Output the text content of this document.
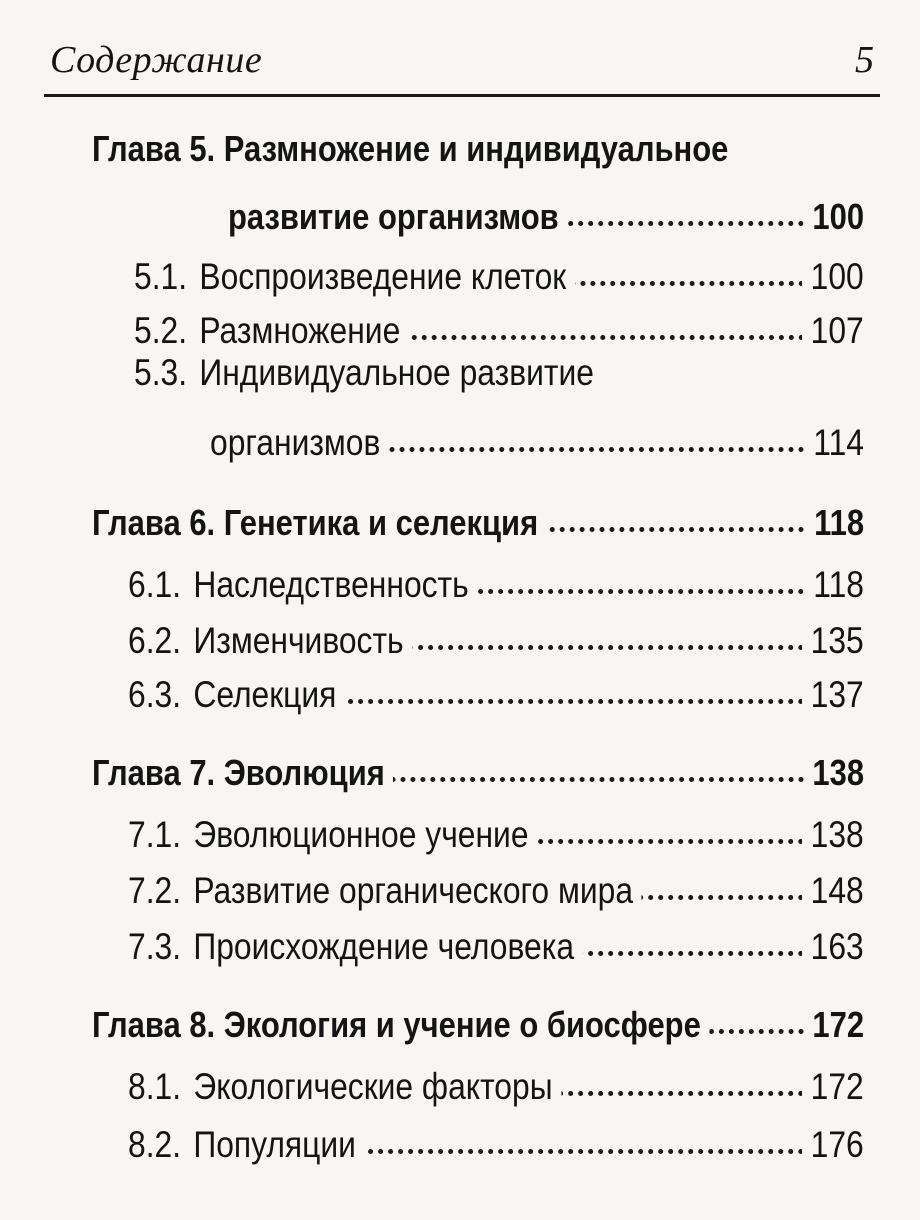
Содержание	5
Глава 5. Размножение и индивидуальное
развитие организмов	100
5.1. Воспроизведение клеток	100
5.2. Размножение	107
5.3. Индивидуальное развитие
организмов	114
Глава 6. Генетика и селекция	118
6.1. Наследственность	118
6.2. Изменчивость	135
6.3. Селекция	137
Глава 7. Эволюция	138
7.1. Эволюционное учение	138
7.2. Развитие органического мира	148
7.3. Происхождение человека	163
Глава 8. Экология и учение о биосфере	172
8.1. Экологические факторы	172
8.2. Популяции	176
